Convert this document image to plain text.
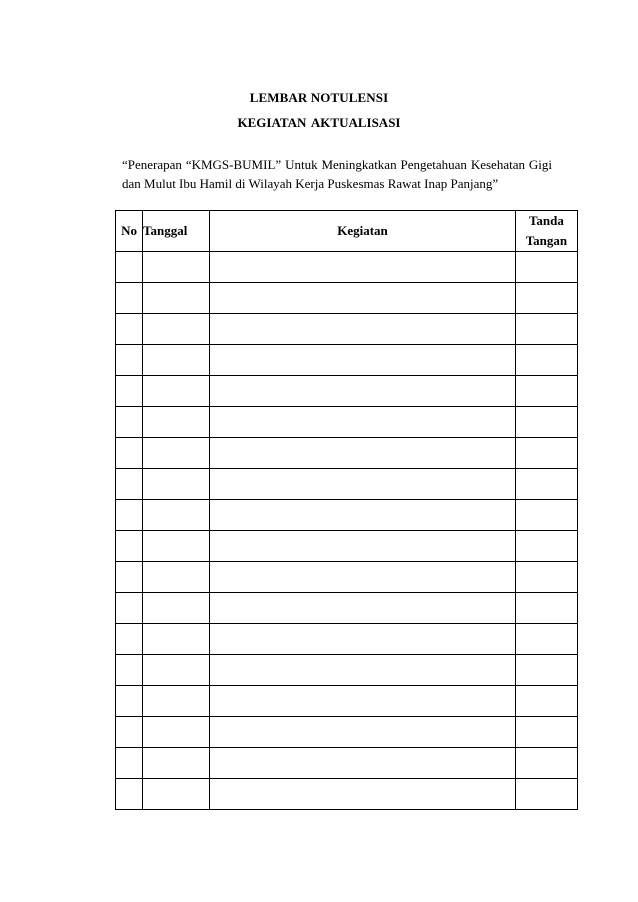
LEMBAR NOTULENSI
KEGIATAN AKTUALISASI
“Penerapan “KMGS-BUMIL” Untuk Meningkatkan Pengetahuan Kesehatan Gigi
dan Mulut Ibu Hamil di Wilayah Kerja Puskesmas Rawat Inap Panjang”
No	Tanggal	Kegiatan	Tanda
Tangan
